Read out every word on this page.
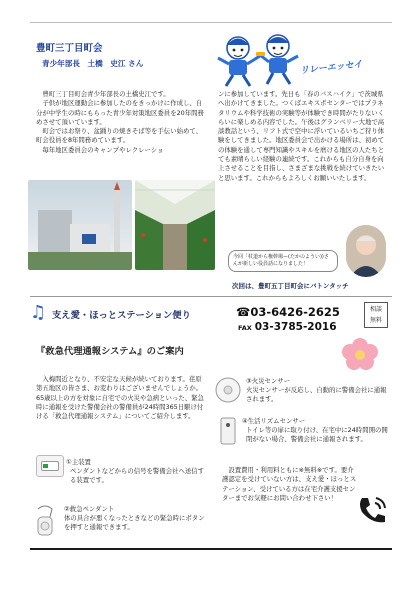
豊町三丁目町会
青少年部長　土橋　史江 さん	リレーエッセイ

豊町三丁目町会青少年部長の土橋史江です。

子供が地区運動会に参加したのをきっかけに作成し、自分が中学生の時にもらった青少年対策地区委員を20年間務めさせて頂いています。

町会ではお祭り、盆踊りの焼きそば等を手伝い始めて、町会役員を8年間務めています。

毎年地区委員会のキャンプやレクレーショ

ンに参加しています。先日も「春のバスハイク」で茨城県へ出かけてきました。つくばエキスポセンターではプラネタリウムや科学技術の実験等が体験でき時間がたりないくらいに楽しめる内容でした。午後はグランベリー大地で高談教話という、リフト式で空中に浮いているいちご狩り体験をしてきました。地区委員会で出かける場所は、初めての体験を通して専門知識やスキルを磨ける地区の人たちとても素晴らしい経験の連続です。これからも自分自身を向上させることを目指し、さまざまな挑戦を続けていきたいと思います。これからもよろしくお願いいたします。

今回「杖道から権幹場ー(たかのようい))さんが新しい役員話になりました！
次回は、豊町五丁目町会にバトンタッチ
♫ 支え愛・ほっとステーション便り	☎03-6426-2625
FAX 03-3785-2016
相談
無料
『救急代理通報システム』のご案内
入梅間近となり、不安定な天候が続いております。荏原第五地区の皆さま、お変わりはございませんでしょうか。65歳以上の方を対象に自宅での火災や急病といった、緊急時に通報を受けた警備会社の警備員が24時間365日駆け付ける「救急代理通報システム」についてご紹介します。
①主装置
ペンダントなどからの信号を警備会社へ送信する装置です。
②救急ペンダント
体の具合が悪くなったときなどの緊急時にボタンを押すと通報できます。
③火災センサー
火災センサーが反応し、自動的に警備会社に通報されます。
④生活リズムセンサー
トイレ等の扉に取り付け、在宅中に24時間開の開閉がない場合、警備会社に通報されます。
設置費用・利用料ともに※無料※です。要介護認定を受けていない方は、支え愛・ほっとステーション、受けている方は在宅介護支援センターまでお気軽にお問い合わせ下さい！
